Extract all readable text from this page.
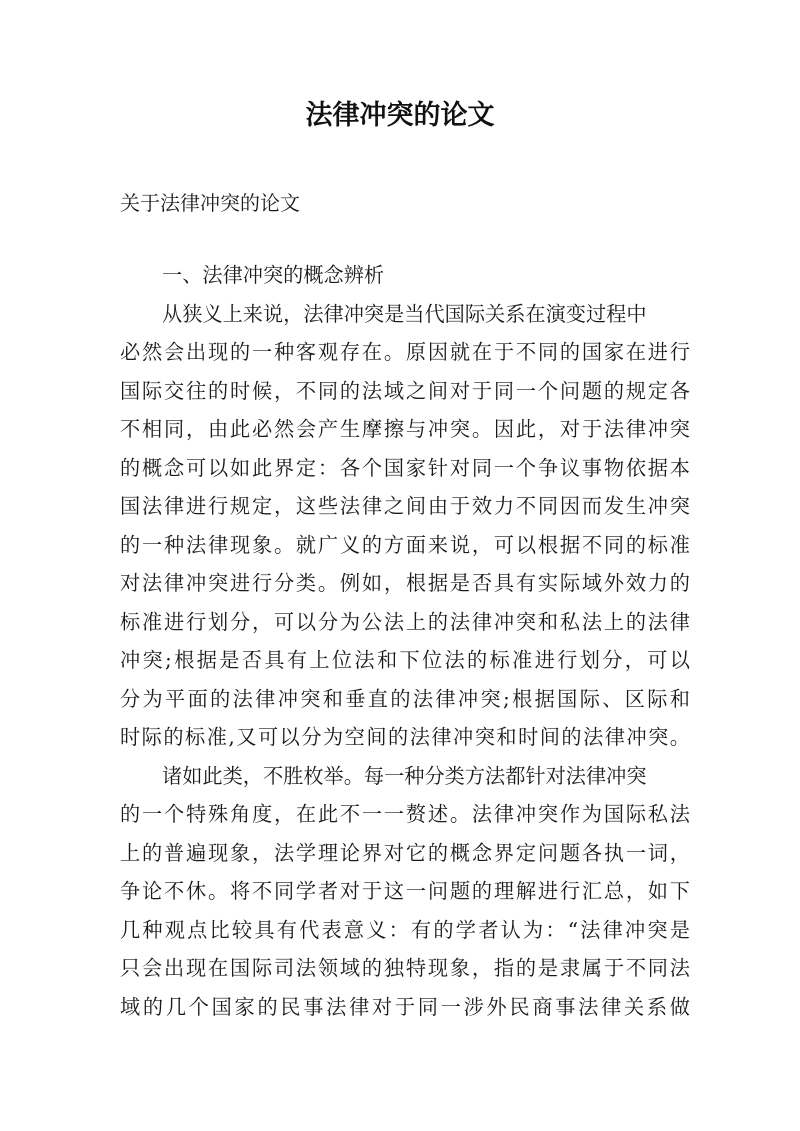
法律冲突的论文

关于法律冲突的论文

一、法律冲突的概念辨析

从狭义上来说，法律冲突是当代国际关系在演变过程中

必然会出现的一种客观存在。原因就在于不同的国家在进行

国际交往的时候，不同的法域之间对于同一个问题的规定各

不相同，由此必然会产生摩擦与冲突。因此，对于法律冲突

的概念可以如此界定：各个国家针对同一个争议事物依据本

国法律进行规定，这些法律之间由于效力不同因而发生冲突

的一种法律现象。就广义的方面来说，可以根据不同的标准

对法律冲突进行分类。例如，根据是否具有实际域外效力的

标准进行划分，可以分为公法上的法律冲突和私法上的法律

冲突;根据是否具有上位法和下位法的标准进行划分，可以

分为平面的法律冲突和垂直的法律冲突;根据国际、区际和

时际的标准,又可以分为空间的法律冲突和时间的法律冲突。

诸如此类，不胜枚举。每一种分类方法都针对法律冲突

的一个特殊角度，在此不一一赘述。法律冲突作为国际私法

上的普遍现象，法学理论界对它的概念界定问题各执一词，

争论不休。将不同学者对于这一问题的理解进行汇总，如下

几种观点比较具有代表意义：有的学者认为：“法律冲突是

只会出现在国际司法领域的独特现象，指的是隶属于不同法

域的几个国家的民事法律对于同一涉外民商事法律关系做
